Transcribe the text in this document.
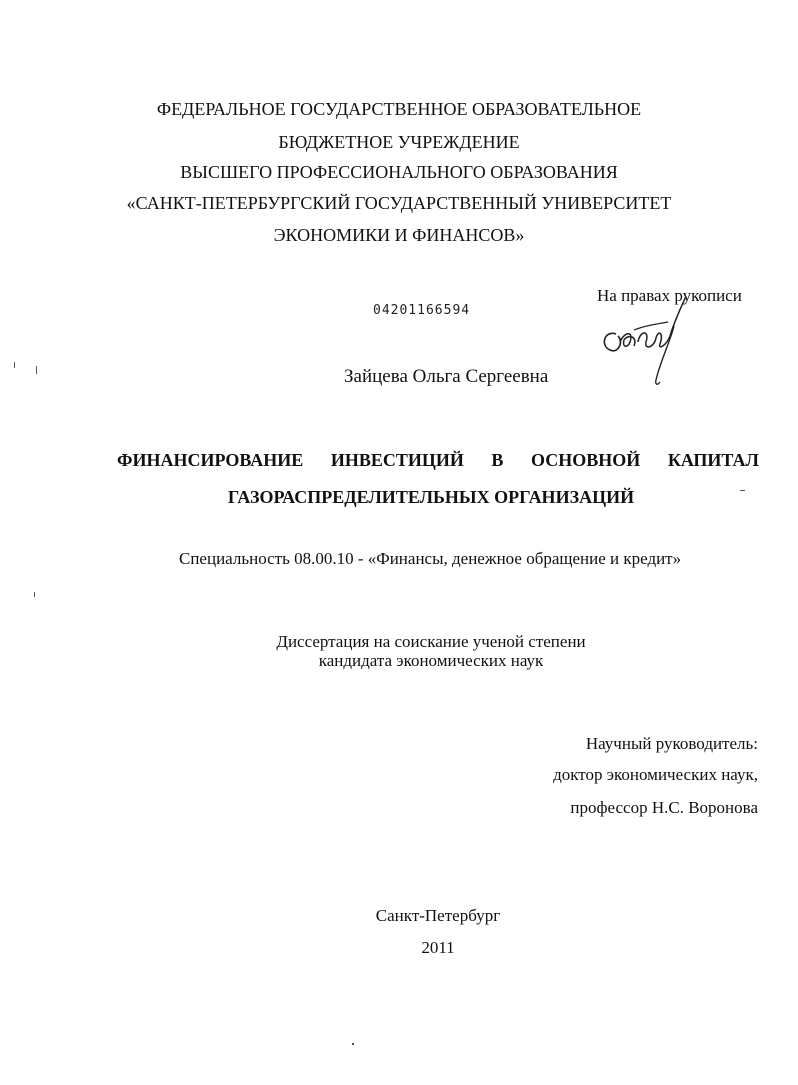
ФЕДЕРАЛЬНОЕ ГОСУДАРСТВЕННОЕ ОБРАЗОВАТЕЛЬНОЕ
БЮДЖЕТНОЕ УЧРЕЖДЕНИЕ
ВЫСШЕГО ПРОФЕССИОНАЛЬНОГО ОБРАЗОВАНИЯ
«САНКТ-ПЕТЕРБУРГСКИЙ ГОСУДАРСТВЕННЫЙ УНИВЕРСИТЕТ
ЭКОНОМИКИ И ФИНАНСОВ»
04201166594
На правах рукописи
Зайцева Ольга Сергеевна
ФИНАНСИРОВАНИЕ ИНВЕСТИЦИЙ В ОСНОВНОЙ КАПИТАЛ
ГАЗОРАСПРЕДЕЛИТЕЛЬНЫХ ОРГАНИЗАЦИЙ
Специальность 08.00.10 - «Финансы, денежное обращение и кредит»
Диссертация на соискание ученой степени
кандидата экономических наук
Научный руководитель:
доктор экономических наук,
профессор Н.С. Воронова
Санкт-Петербург
2011
